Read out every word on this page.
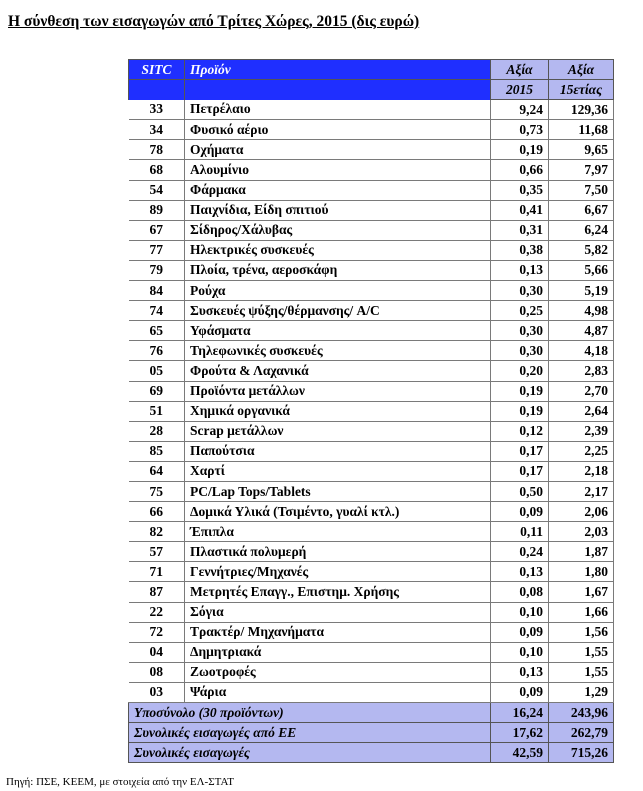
Η σύνθεση των εισαγωγών από Τρίτες Χώρες, 2015 (δις ευρώ)
SITC	Προϊόν	Αξία	Αξία
		2015	15ετίας
33	Πετρέλαιο	9,24	129,36
34	Φυσικό αέριο	0,73	11,68
78	Οχήματα	0,19	9,65
68	Αλουμίνιο	0,66	7,97
54	Φάρμακα	0,35	7,50
89	Παιχνίδια, Είδη σπιτιού	0,41	6,67
67	Σίδηρος/Χάλυβας	0,31	6,24
77	Ηλεκτρικές συσκευές	0,38	5,82
79	Πλοία, τρένα, αεροσκάφη	0,13	5,66
84	Ρούχα	0,30	5,19
74	Συσκευές ψύξης/θέρμανσης/ A/C	0,25	4,98
65	Υφάσματα	0,30	4,87
76	Τηλεφωνικές συσκευές	0,30	4,18
05	Φρούτα & Λαχανικά	0,20	2,83
69	Προϊόντα μετάλλων	0,19	2,70
51	Χημικά οργανικά	0,19	2,64
28	Scrap μετάλλων	0,12	2,39
85	Παπούτσια	0,17	2,25
64	Χαρτί	0,17	2,18
75	PC/Lap Tops/Tablets	0,50	2,17
66	Δομικά Υλικά (Τσιμέντο, γυαλί κτλ.)	0,09	2,06
82	Έπιπλα	0,11	2,03
57	Πλαστικά πολυμερή	0,24	1,87
71	Γεννήτριες/Μηχανές	0,13	1,80
87	Μετρητές Επαγγ., Επιστημ. Χρήσης	0,08	1,67
22	Σόγια	0,10	1,66
72	Τρακτέρ/ Μηχανήματα	0,09	1,56
04	Δημητριακά	0,10	1,55
08	Ζωοτροφές	0,13	1,55
03	Ψάρια	0,09	1,29
Υποσύνολο (30 προϊόντων)		16,24	243,96
Συνολικές εισαγωγές από ΕΕ		17,62	262,79
Συνολικές εισαγωγές		42,59	715,26
Πηγή: ΠΣΕ, ΚΕΕΜ, με στοιχεία από την ΕΛ-ΣΤΑΤ
